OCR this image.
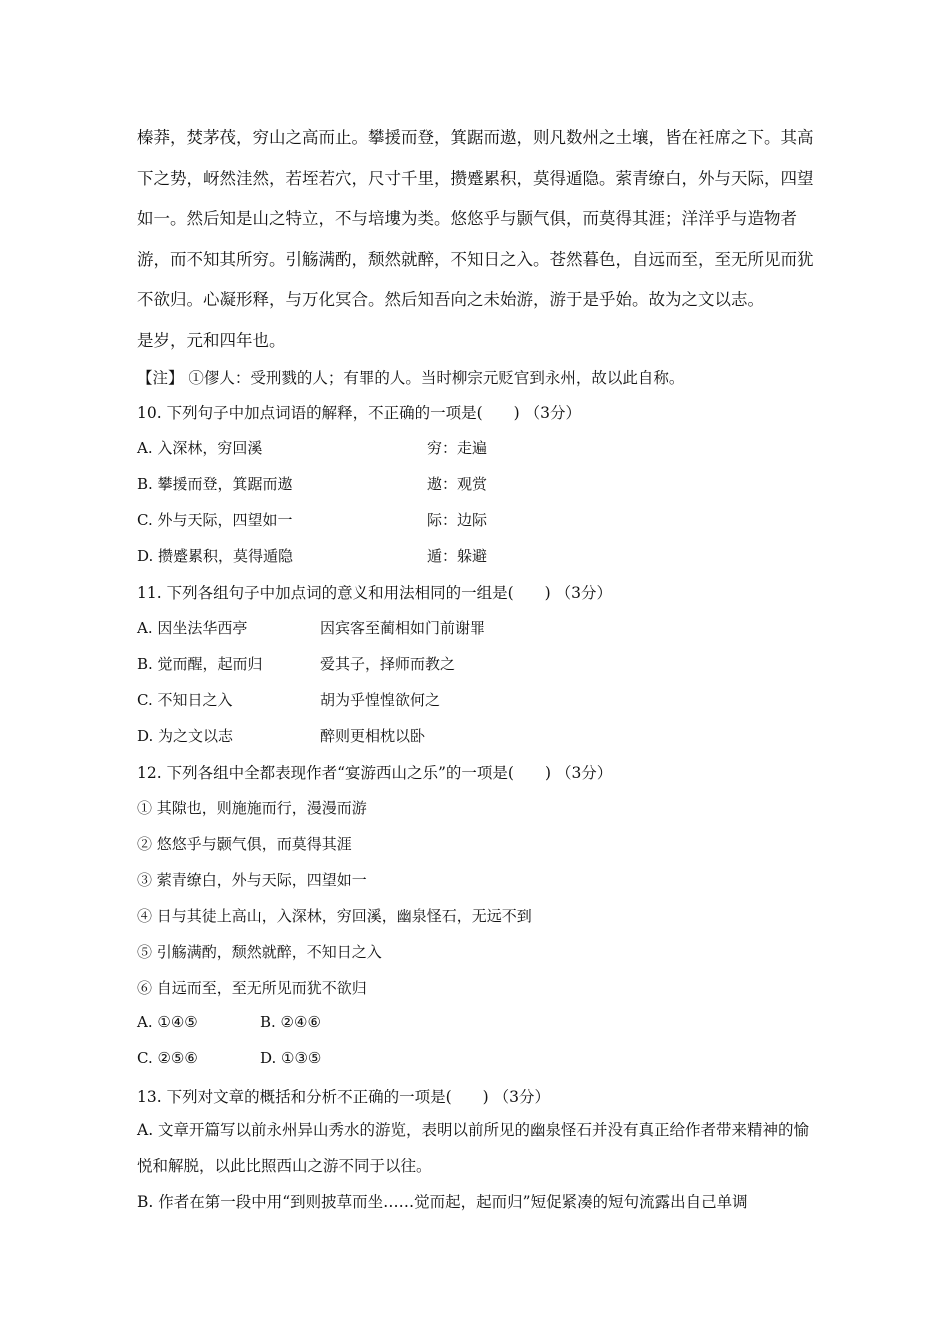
榛莽，焚茅茷，穷山之高而止。攀援而登，箕踞而遨，则凡数州之土壤，皆在衽席之下。其高下之势，岈然洼然，若垤若穴，尺寸千里，攒蹙累积，莫得遁隐。萦青缭白，外与天际，四望如一。然后知是山之特立，不与培塿为类。悠悠乎与颢气俱，而莫得其涯；洋洋乎与造物者游，而不知其所穷。引觞满酌，颓然就醉，不知日之入。苍然暮色，自远而至，至无所见而犹不欲归。心凝形释，与万化冥合。然后知吾向之未始游，游于是乎始。故为之文以志。

是岁，元和四年也。

【注】 ①僇人：受刑戮的人；有罪的人。当时柳宗元贬官到永州，故以此自称。
10. 下列句子中加点词语的解释，不正确的一项是(　　) （3分）
A. 入深林，穷回溪	穷：走遍
B. 攀援而登，箕踞而遨	遨：观赏
C. 外与天际，四望如一	际：边际
D. 攒蹙累积，莫得遁隐	遁：躲避
11. 下列各组句子中加点词的意义和用法相同的一组是(　　) （3分）
A. 因坐法华西亭	因宾客至蔺相如门前谢罪
B. 觉而醒，起而归	爱其子，择师而教之
C. 不知日之入	胡为乎惶惶欲何之
D. 为之文以志	醉则更相枕以卧
12. 下列各组中全都表现作者“宴游西山之乐”的一项是(　　) （3分）
① 其隙也，则施施而行，漫漫而游
② 悠悠乎与颢气俱，而莫得其涯
③ 萦青缭白，外与天际，四望如一
④ 日与其徒上高山，入深林，穷回溪，幽泉怪石，无远不到
⑤ 引觞满酌，颓然就醉，不知日之入
⑥ 自远而至，至无所见而犹不欲归
A. ①④⑤	B. ②④⑥
C. ②⑤⑥	D. ①③⑤
13. 下列对文章的概括和分析不正确的一项是(　　) （3分）

A. 文章开篇写以前永州异山秀水的游览，表明以前所见的幽泉怪石并没有真正给作者带来精神的愉悦和解脱，以此比照西山之游不同于以往。

B. 作者在第一段中用“到则披草而坐……觉而起，起而归”短促紧凑的短句流露出自己单调
